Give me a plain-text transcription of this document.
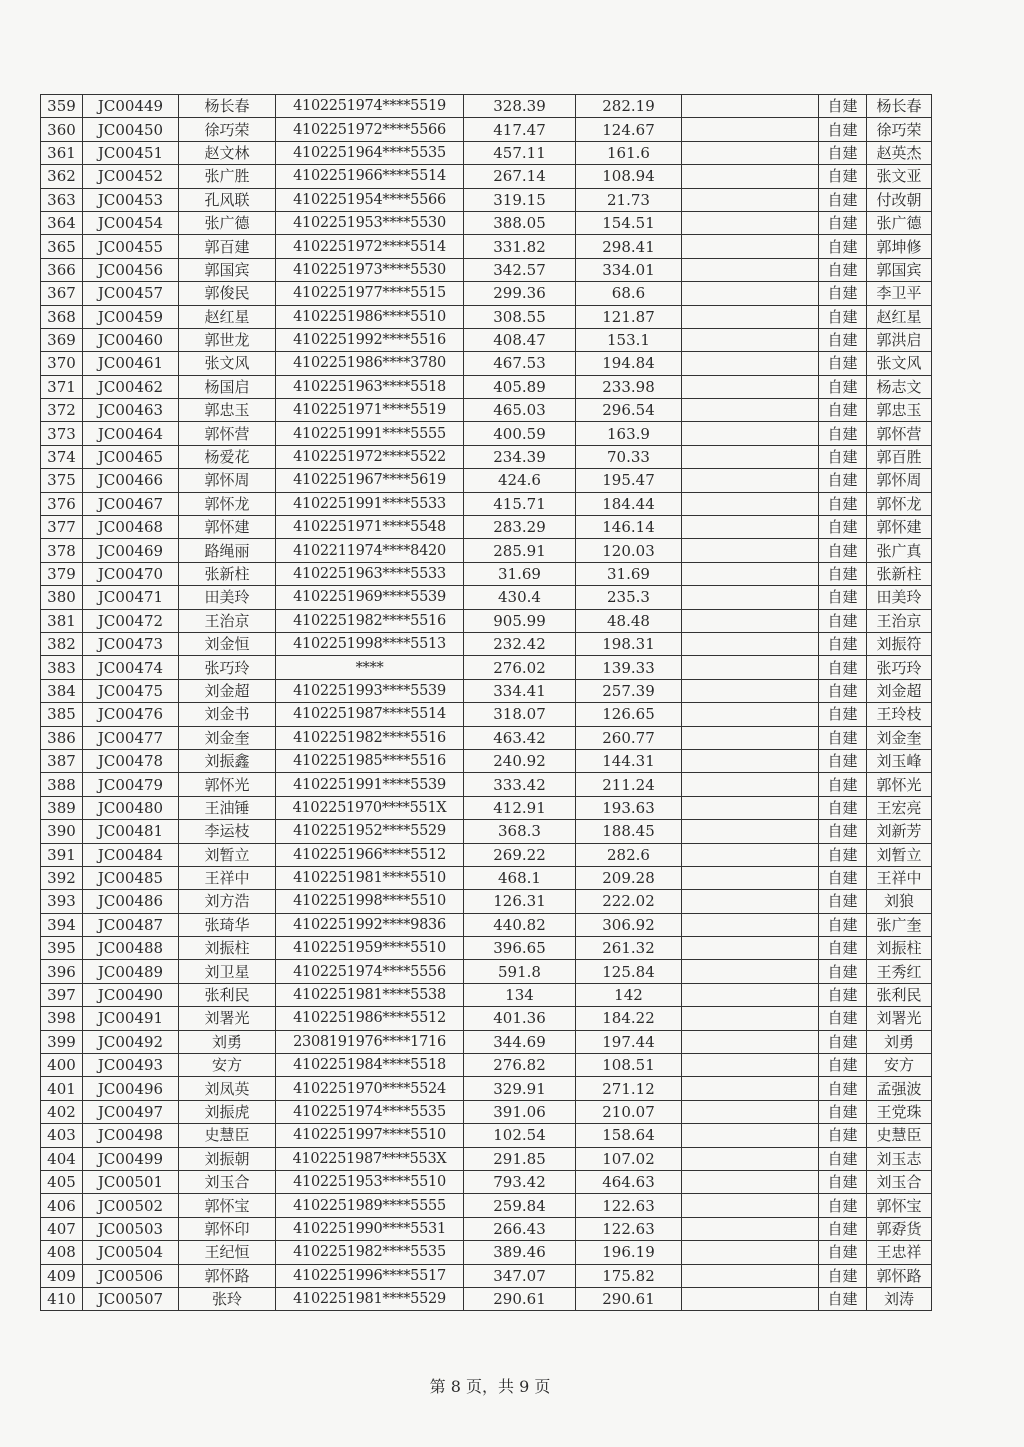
359	JC00449	杨长春	4102251974****5519	328.39	282.19		自建	杨长春
360	JC00450	徐巧荣	4102251972****5566	417.47	124.67		自建	徐巧荣
361	JC00451	赵文林	4102251964****5535	457.11	161.6		自建	赵英杰
362	JC00452	张广胜	4102251966****5514	267.14	108.94		自建	张文亚
363	JC00453	孔风联	4102251954****5566	319.15	21.73		自建	付改朝
364	JC00454	张广德	4102251953****5530	388.05	154.51		自建	张广德
365	JC00455	郭百建	4102251972****5514	331.82	298.41		自建	郭坤修
366	JC00456	郭国宾	4102251973****5530	342.57	334.01		自建	郭国宾
367	JC00457	郭俊民	4102251977****5515	299.36	68.6		自建	李卫平
368	JC00459	赵红星	4102251986****5510	308.55	121.87		自建	赵红星
369	JC00460	郭世龙	4102251992****5516	408.47	153.1		自建	郭洪启
370	JC00461	张文风	4102251986****3780	467.53	194.84		自建	张文风
371	JC00462	杨国启	4102251963****5518	405.89	233.98		自建	杨志文
372	JC00463	郭忠玉	4102251971****5519	465.03	296.54		自建	郭忠玉
373	JC00464	郭怀营	4102251991****5555	400.59	163.9		自建	郭怀营
374	JC00465	杨爱花	4102251972****5522	234.39	70.33		自建	郭百胜
375	JC00466	郭怀周	4102251967****5619	424.6	195.47		自建	郭怀周
376	JC00467	郭怀龙	4102251991****5533	415.71	184.44		自建	郭怀龙
377	JC00468	郭怀建	4102251971****5548	283.29	146.14		自建	郭怀建
378	JC00469	路绳丽	4102211974****8420	285.91	120.03		自建	张广真
379	JC00470	张新柱	4102251963****5533	31.69	31.69		自建	张新柱
380	JC00471	田美玲	4102251969****5539	430.4	235.3		自建	田美玲
381	JC00472	王治京	4102251982****5516	905.99	48.48		自建	王治京
382	JC00473	刘金恒	4102251998****5513	232.42	198.31		自建	刘振符
383	JC00474	张巧玲	****	276.02	139.33		自建	张巧玲
384	JC00475	刘金超	4102251993****5539	334.41	257.39		自建	刘金超
385	JC00476	刘金书	4102251987****5514	318.07	126.65		自建	王玲枝
386	JC00477	刘金奎	4102251982****5516	463.42	260.77		自建	刘金奎
387	JC00478	刘振鑫	4102251985****5516	240.92	144.31		自建	刘玉峰
388	JC00479	郭怀光	4102251991****5539	333.42	211.24		自建	郭怀光
389	JC00480	王油锤	4102251970****551X	412.91	193.63		自建	王宏亮
390	JC00481	李运枝	4102251952****5529	368.3	188.45		自建	刘新芳
391	JC00484	刘暂立	4102251966****5512	269.22	282.6		自建	刘暂立
392	JC00485	王祥中	4102251981****5510	468.1	209.28		自建	王祥中
393	JC00486	刘方浩	4102251998****5510	126.31	222.02		自建	刘狼
394	JC00487	张琦华	4102251992****9836	440.82	306.92		自建	张广奎
395	JC00488	刘振柱	4102251959****5510	396.65	261.32		自建	刘振柱
396	JC00489	刘卫星	4102251974****5556	591.8	125.84		自建	王秀红
397	JC00490	张利民	4102251981****5538	134	142		自建	张利民
398	JC00491	刘署光	4102251986****5512	401.36	184.22		自建	刘署光
399	JC00492	刘勇	2308191976****1716	344.69	197.44		自建	刘勇
400	JC00493	安方	4102251984****5518	276.82	108.51		自建	安方
401	JC00496	刘凤英	4102251970****5524	329.91	271.12		自建	孟强波
402	JC00497	刘振虎	4102251974****5535	391.06	210.07		自建	王党珠
403	JC00498	史慧臣	4102251997****5510	102.54	158.64		自建	史慧臣
404	JC00499	刘振朝	4102251987****553X	291.85	107.02		自建	刘玉志
405	JC00501	刘玉合	4102251953****5510	793.42	464.63		自建	刘玉合
406	JC00502	郭怀宝	4102251989****5555	259.84	122.63		自建	郭怀宝
407	JC00503	郭怀印	4102251990****5531	266.43	122.63		自建	郭孬货
408	JC00504	王纪恒	4102251982****5535	389.46	196.19		自建	王忠祥
409	JC00506	郭怀路	4102251996****5517	347.07	175.82		自建	郭怀路
410	JC00507	张玲	4102251981****5529	290.61	290.61		自建	刘涛
第 8 页，共 9 页
